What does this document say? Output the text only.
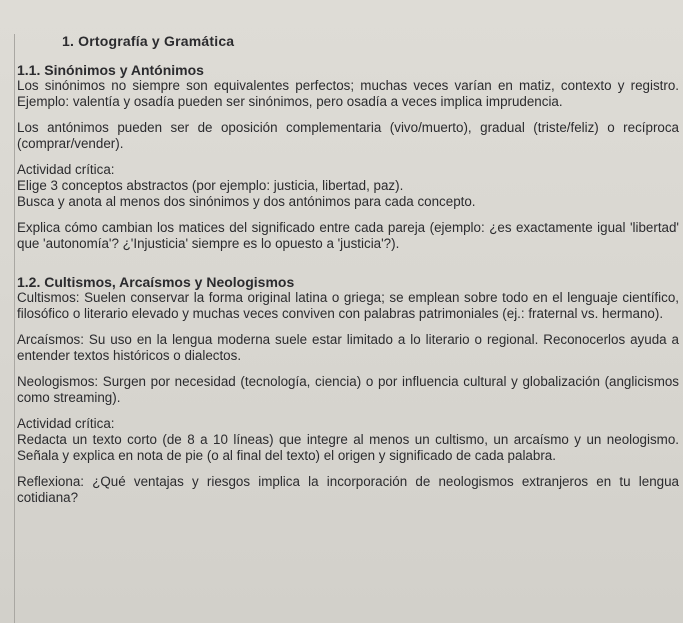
1. Ortografía y Gramática
1.1. Sinónimos y Antónimos
Los sinónimos no siempre son equivalentes perfectos; muchas veces varían en matiz, contexto y registro. Ejemplo: valentía y osadía pueden ser sinónimos, pero osadía a veces implica imprudencia.
Los antónimos pueden ser de oposición complementaria (vivo/muerto), gradual (triste/feliz) o recíproca (comprar/vender).
Actividad crítica:
Elige 3 conceptos abstractos (por ejemplo: justicia, libertad, paz).
Busca y anota al menos dos sinónimos y dos antónimos para cada concepto.
Explica cómo cambian los matices del significado entre cada pareja (ejemplo: ¿es exactamente igual 'libertad' que 'autonomía'? ¿'Injusticia' siempre es lo opuesto a 'justicia'?).
1.2. Cultismos, Arcaísmos y Neologismos
Cultismos: Suelen conservar la forma original latina o griega; se emplean sobre todo en el lenguaje científico, filosófico o literario elevado y muchas veces conviven con palabras patrimoniales (ej.: fraternal vs. hermano).
Arcaísmos: Su uso en la lengua moderna suele estar limitado a lo literario o regional. Reconocerlos ayuda a entender textos históricos o dialectos.
Neologismos: Surgen por necesidad (tecnología, ciencia) o por influencia cultural y globalización (anglicismos como streaming).
Actividad crítica:
Redacta un texto corto (de 8 a 10 líneas) que integre al menos un cultismo, un arcaísmo y un neologismo. Señala y explica en nota de pie (o al final del texto) el origen y significado de cada palabra.
Reflexiona: ¿Qué ventajas y riesgos implica la incorporación de neologismos extranjeros en tu lengua cotidiana?
